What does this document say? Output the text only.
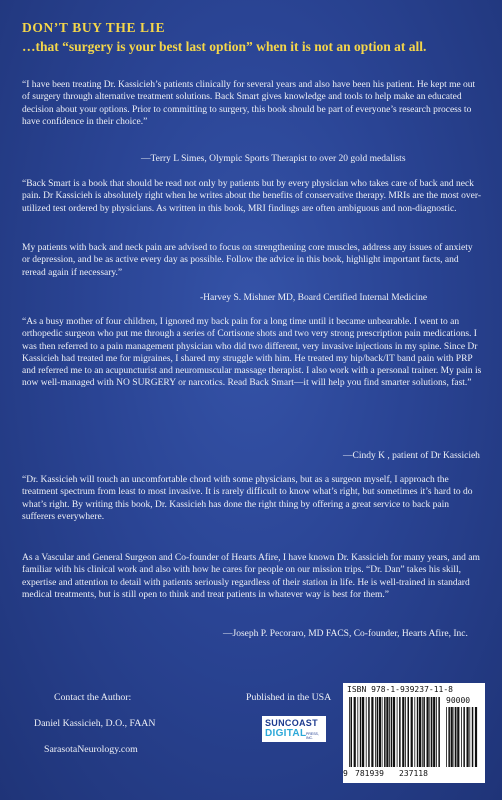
DON’T BUY THE LIE
…that “surgery is your best last option” when it is not an option at all.
“I have been treating Dr. Kassicieh’s patients clinically for several years and also have been his patient. He kept me out of surgery through alternative treatment solutions. Back Smart gives knowledge and tools to help make an educated decision about your options. Prior to committing to surgery, this book should be part of everyone’s research process to have confidence in their choice.”
—Terry L Simes, Olympic Sports Therapist to over 20 gold medalists
“Back Smart is a book that should be read not only by patients but by every physician who takes care of back and neck pain. Dr Kassicieh is absolutely right when he writes about the benefits of conservative therapy. MRIs are the most over-utilized test ordered by physicians. As written in this book, MRI findings are often ambiguous and non-diagnostic.
My patients with back and neck pain are advised to focus on strengthening core muscles, address any issues of anxiety or depression, and be as active every day as possible. Follow the advice in this book, highlight important facts, and reread again if necessary.”
-Harvey S. Mishner MD, Board Certified Internal Medicine
“As a busy mother of four children, I ignored my back pain for a long time until it became unbearable. I went to an orthopedic surgeon who put me through a series of Cortisone shots and two very strong prescription pain medications. I was then referred to a pain management physician who did two different, very invasive injections in my spine. Since Dr Kassicieh had treated me for migraines, I shared my struggle with him. He treated my hip/back/IT band pain with PRP and referred me to an acupuncturist and neuromuscular massage therapist. I also work with a personal trainer. My pain is now well-managed with NO SURGERY or narcotics. Read Back Smart—it will help you find smarter solutions, fast.”
—Cindy K , patient of Dr Kassicieh
“Dr. Kassicieh will touch an uncomfortable chord with some physicians, but as a surgeon myself, I approach the treatment spectrum from least to most invasive. It is rarely difficult to know what’s right, but sometimes it’s hard to do what’s right. By writing this book, Dr. Kassicieh has done the right thing by offering a great service to back pain sufferers everywhere.
As a Vascular and General Surgeon and Co-founder of Hearts Afire, I have known Dr. Kassicieh for many years, and am familiar with his clinical work and also with how he cares for people on our mission trips. “Dr. Dan” takes his skill, expertise and attention to detail with patients seriously regardless of their station in life. He is well-trained in standard medical treatments, but is still open to think and treat patients in whatever way is best for them.”
—Joseph P. Pecoraro, MD FACS, Co-founder, Hearts Afire, Inc.
Contact the Author:
Daniel Kassicieh, D.O., FAAN
SarasotaNeurology.com
Published in the USA
SUNCOAST
DIGITAL PRESS, INC.
ISBN 978-1-939237-11-8
90000
9 781939 237118
